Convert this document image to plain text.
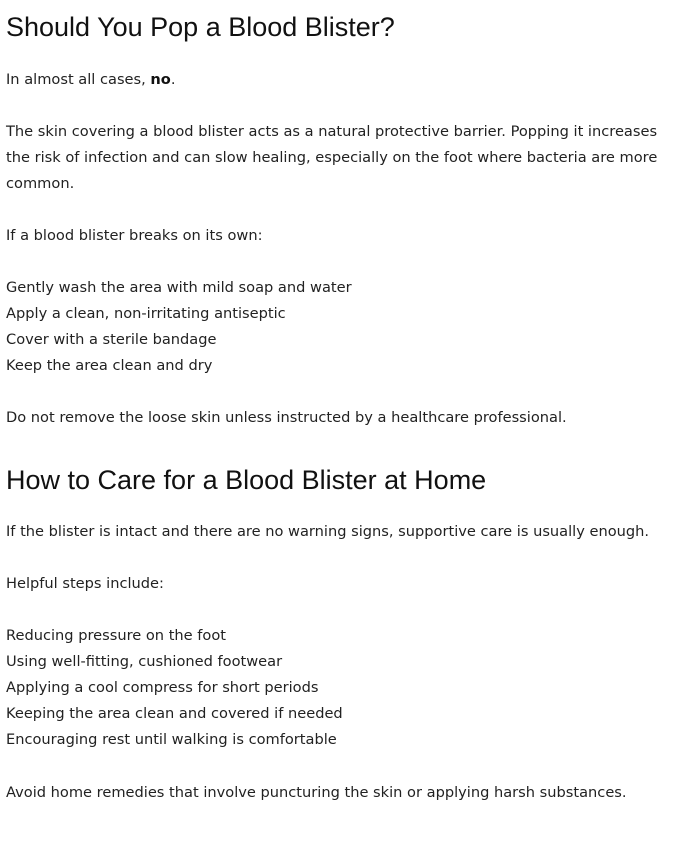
Should You Pop a Blood Blister?

In almost all cases, no.

The skin covering a blood blister acts as a natural protective barrier. Popping it increases
the risk of infection and can slow healing, especially on the foot where bacteria are more
common.

If a blood blister breaks on its own:

Gently wash the area with mild soap and water
Apply a clean, non-irritating antiseptic
Cover with a sterile bandage
Keep the area clean and dry

Do not remove the loose skin unless instructed by a healthcare professional.

How to Care for a Blood Blister at Home

If the blister is intact and there are no warning signs, supportive care is usually enough.

Helpful steps include:

Reducing pressure on the foot
Using well-fitting, cushioned footwear
Applying a cool compress for short periods
Keeping the area clean and covered if needed
Encouraging rest until walking is comfortable

Avoid home remedies that involve puncturing the skin or applying harsh substances.
